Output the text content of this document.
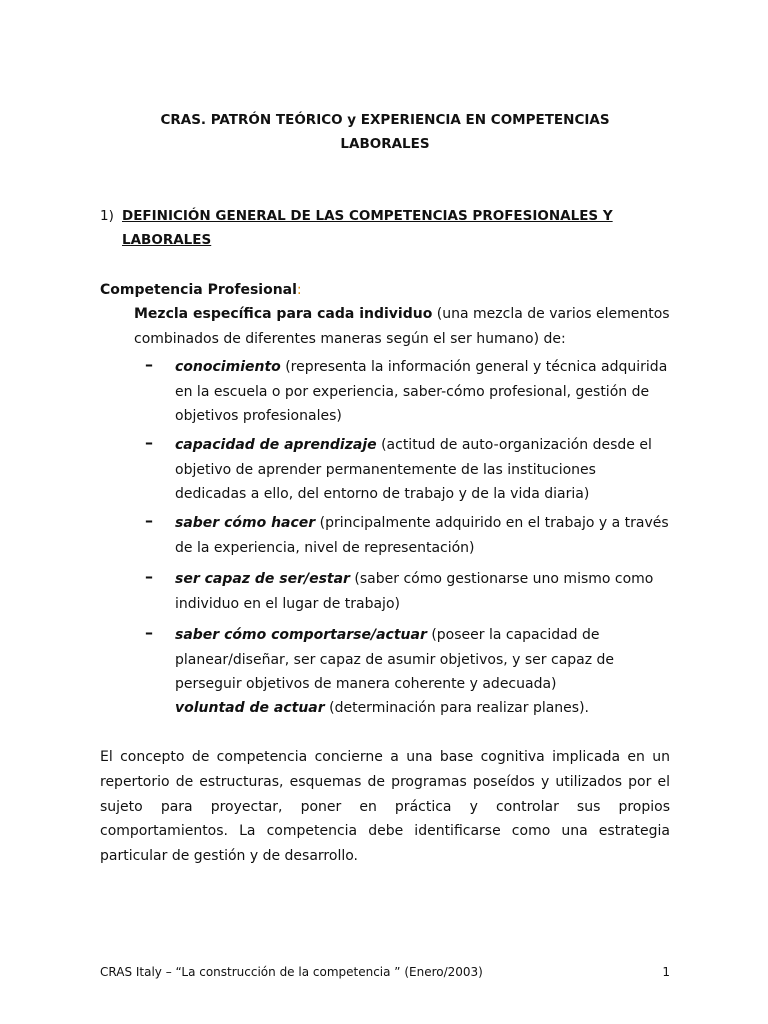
CRAS. PATRÓN TEÓRICO y EXPERIENCIA EN COMPETENCIAS
LABORALES
1) DEFINICIÓN GENERAL DE LAS COMPETENCIAS PROFESIONALES Y
LABORALES
Competencia Profesional:
Mezcla específica para cada individuo (una mezcla de varios elementos combinados de diferentes maneras según el ser humano) de:
–	conocimiento (representa la información general y técnica adquirida en la escuela o por experiencia, saber-cómo profesional, gestión de objetivos profesionales)
–	capacidad de aprendizaje (actitud de auto-organización desde el objetivo de aprender permanentemente de las instituciones dedicadas a ello, del entorno de trabajo y de la vida diaria)
–	saber cómo hacer (principalmente adquirido en el trabajo y a través de la experiencia, nivel de representación)
–	ser capaz de ser/estar (saber cómo gestionarse uno mismo como individuo en el lugar de trabajo)
–	saber cómo comportarse/actuar (poseer la capacidad de planear/diseñar, ser capaz de asumir objetivos, y ser capaz de perseguir objetivos de manera coherente y adecuada)
voluntad de actuar (determinación para realizar planes).
El concepto de competencia concierne a una base cognitiva implicada en un repertorio de estructuras, esquemas de programas poseídos y utilizados por el sujeto para proyectar, poner en práctica y controlar sus propios comportamientos. La competencia debe identificarse como una estrategia particular de gestión y de desarrollo.
CRAS Italy – “La construcción de la competencia ” (Enero/2003)	1
